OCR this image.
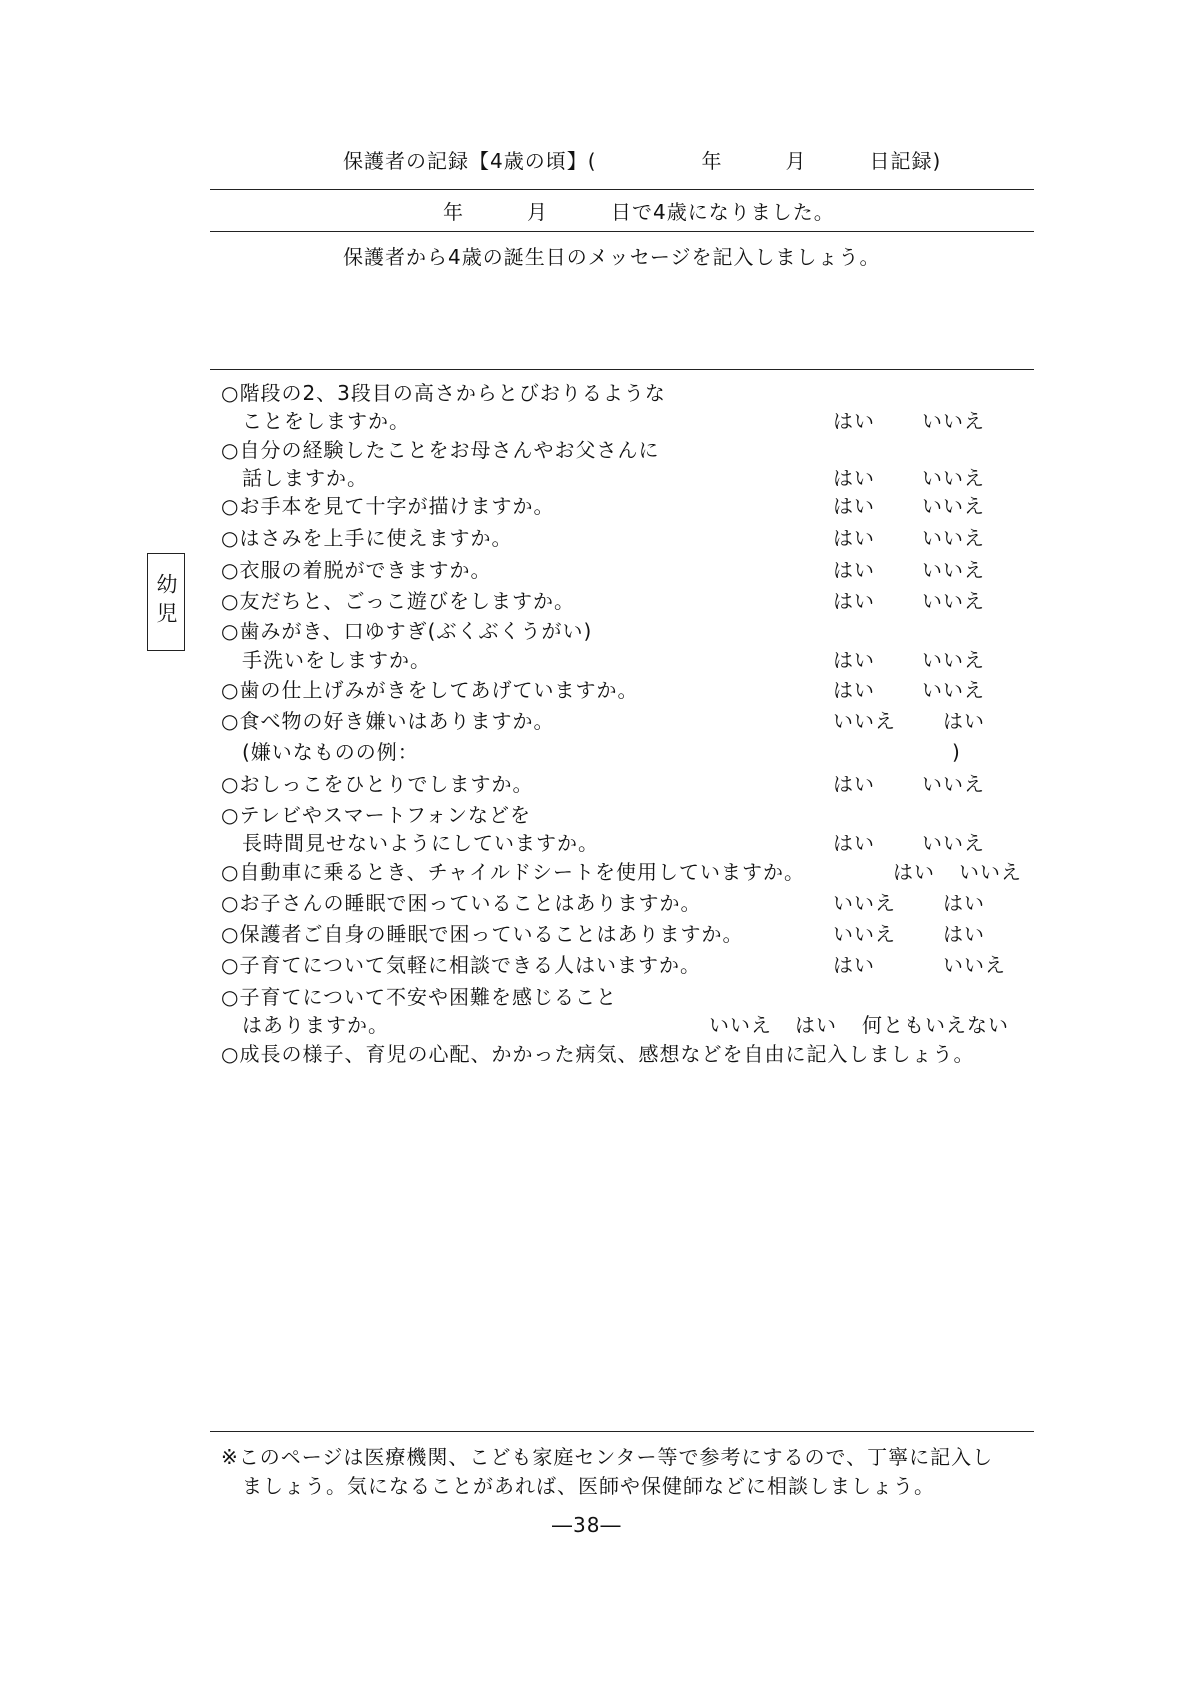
保護者の記録【4歳の頃】(　　　　　年　　　月　　　日記録)
年　　　月　　　日で4歳になりました。
保護者から4歳の誕生日のメッセージを記入しましょう。
幼児
○階段の2、3段目の高さからとびおりるような
ことをしますか。	はい いいえ
○自分の経験したことをお母さんやお父さんに
話しますか。	はい いいえ
○お手本を見て十字が描けますか。	はい いいえ
○はさみを上手に使えますか。	はい いいえ
○衣服の着脱ができますか。	はい いいえ
○友だちと、ごっこ遊びをしますか。	はい いいえ
○歯みがき、口ゆすぎ(ぶくぶくうがい)
手洗いをしますか。	はい いいえ
○歯の仕上げみがきをしてあげていますか。	はい いいえ
○食べ物の好き嫌いはありますか。	いいえ はい
(嫌いなものの例：	)
○おしっこをひとりでしますか。	はい いいえ
○テレビやスマートフォンなどを
長時間見せないようにしていますか。	はい いいえ
○自動車に乗るとき、チャイルドシートを使用していますか。	はい いいえ
○お子さんの睡眠で困っていることはありますか。	いいえ はい
○保護者ご自身の睡眠で困っていることはありますか。	いいえ はい
○子育てについて気軽に相談できる人はいますか。	はい	いいえ
○子育てについて不安や困難を感じること
はありますか。	いいえ はい 何ともいえない
○成長の様子、育児の心配、かかった病気、感想などを自由に記入しましょう。
※このページは医療機関、こども家庭センター等で参考にするので、丁寧に記入し
ましょう。気になることがあれば、医師や保健師などに相談しましょう。
―38―
